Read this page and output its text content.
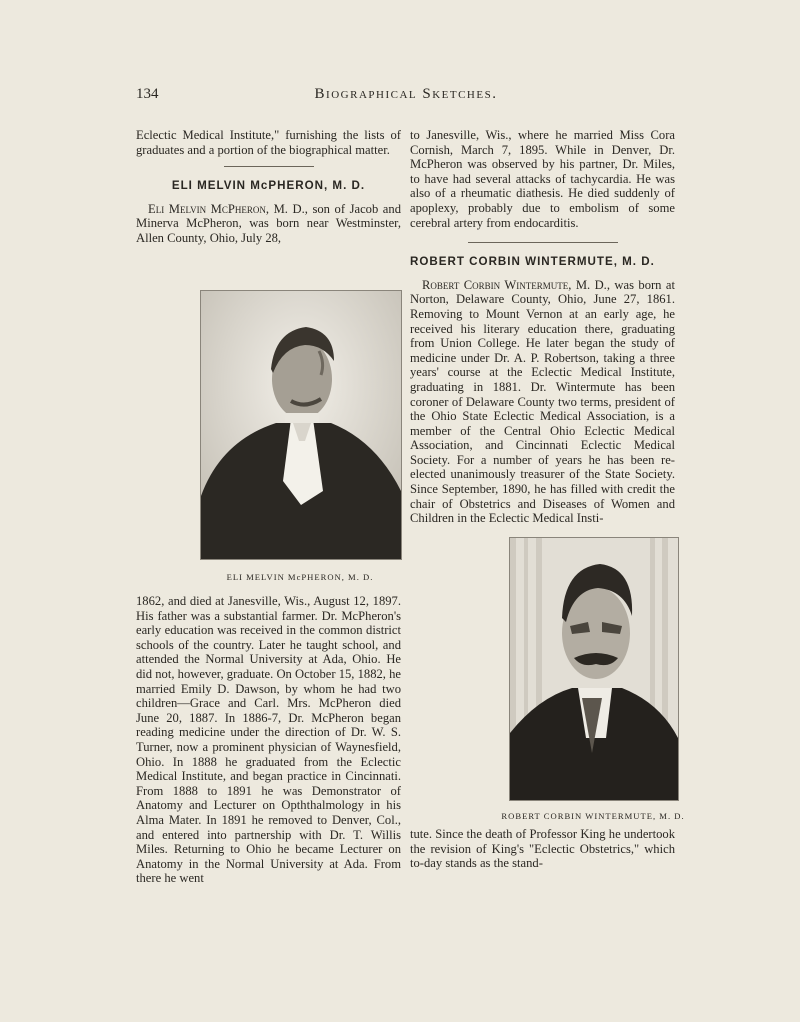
134	Biographical Sketches.

Eclectic Medical Institute," furnishing the lists of graduates and a portion of the biographical matter.

ELI MELVIN McPHERON, M. D.

Eli Melvin McPheron, M. D., son of Jacob and Minerva McPheron, was born near Westminster, Allen County, Ohio, July 28,

ELI MELVIN McPHERON, M. D.

1862, and died at Janesville, Wis., August 12, 1897. His father was a substantial farmer. Dr. McPheron's early education was received in the common district schools of the country. Later he taught school, and attended the Normal University at Ada, Ohio. He did not, however, graduate. On October 15, 1882, he married Emily D. Dawson, by whom he had two children—Grace and Carl. Mrs. McPheron died June 20, 1887. In 1886-7, Dr. McPheron began reading medicine under the direction of Dr. W. S. Turner, now a prominent physician of Waynesfield, Ohio. In 1888 he graduated from the Eclectic Medical Institute, and began practice in Cincinnati. From 1888 to 1891 he was Demonstrator of Anatomy and Lecturer on Opththalmology in his Alma Mater. In 1891 he removed to Denver, Col., and entered into partnership with Dr. T. Willis Miles. Returning to Ohio he became Lecturer on Anatomy in the Normal University at Ada. From there he went

to Janesville, Wis., where he married Miss Cora Cornish, March 7, 1895. While in Denver, Dr. McPheron was observed by his partner, Dr. Miles, to have had several attacks of tachycardia. He was also of a rheumatic diathesis. He died suddenly of apoplexy, probably due to embolism of some cerebral artery from endocarditis.

ROBERT CORBIN WINTERMUTE, M. D.

Robert Corbin Wintermute, M. D., was born at Norton, Delaware County, Ohio, June 27, 1861. Removing to Mount Vernon at an early age, he received his literary education there, graduating from Union College. He later began the study of medicine under Dr. A. P. Robertson, taking a three years' course at the Eclectic Medical Institute, graduating in 1881. Dr. Wintermute has been coroner of Delaware County two terms, president of the Ohio State Eclectic Medical Association, is a member of the Central Ohio Eclectic Medical Association, and Cincinnati Eclectic Medical Society. For a number of years he has been re-elected unanimously treasurer of the State Society. Since September, 1890, he has filled with credit the chair of Obstetrics and Diseases of Women and Children in the Eclectic Medical Insti-

ROBERT CORBIN WINTERMUTE, M. D.

tute. Since the death of Professor King he undertook the revision of King's "Eclectic Obstetrics," which to-day stands as the stand-
